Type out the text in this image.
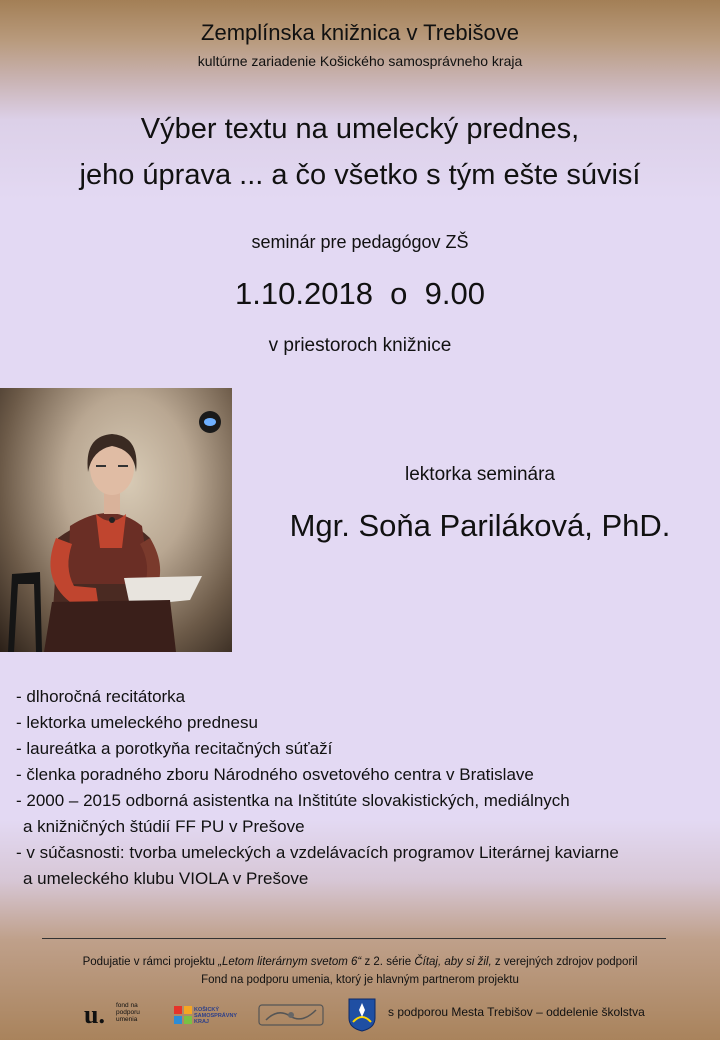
Zemplínska knižnica v Trebišove
kultúrne zariadenie Košického samosprávneho kraja
Výber textu na umelecký prednes,
jeho úprava ... a čo všetko s tým ešte súvisí
seminár pre pedagógov ZŠ
1.10.2018  o  9.00
v priestoroch knižnice
lektorka seminára
Mgr. Soňa Pariláková, PhD.
- dlhoročná recitátorka
- lektorka umeleckého prednesu
- laureátka a porotkyňa recitačných súťaží
- členka poradného zboru Národného osvetového centra v Bratislave
- 2000 – 2015 odborná asistentka na Inštitúte slovakistických, mediálnych
a knižničných štúdií FF PU v Prešove
- v súčasnosti: tvorba umeleckých a vzdelávacích programov Literárnej kaviarne
a umeleckého klubu VIOLA v Prešove
Podujatie v rámci projektu „Letom literárnym svetom 6“ z 2. série Čítaj, aby si žil, z verejných zdrojov podporil
Fond na podporu umenia, ktorý je hlavným partnerom projektu
u. fond na podporu umenia
KOŠICKÝ SAMOSPRÁVNY KRAJ
s podporou Mesta Trebišov – oddelenie školstva
